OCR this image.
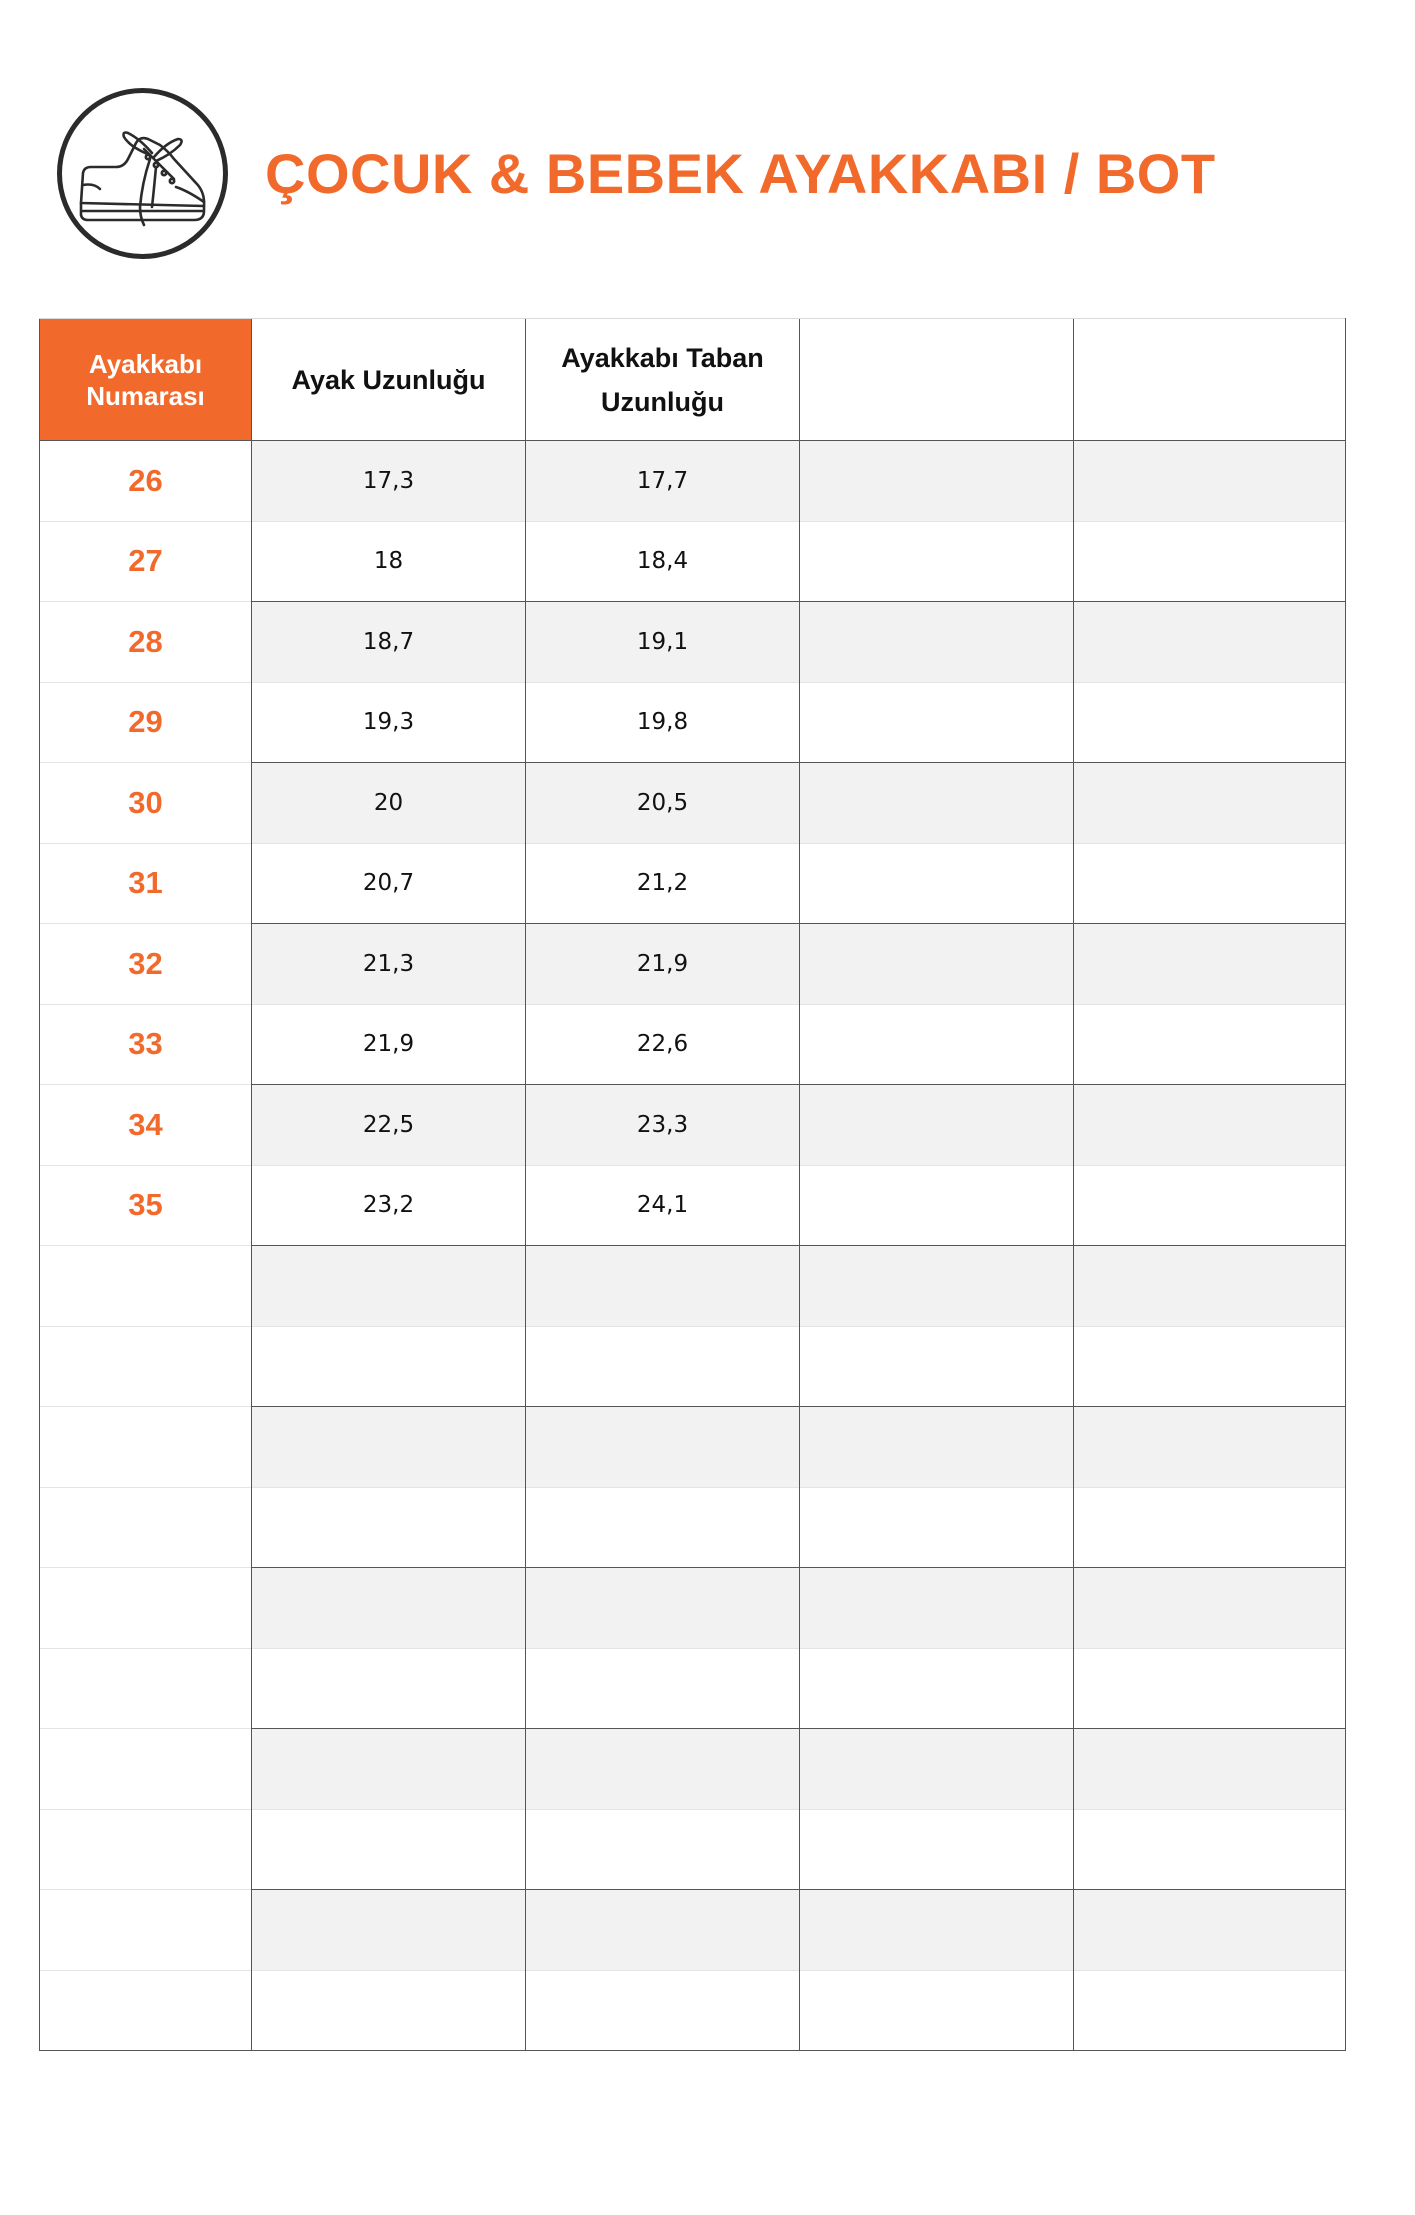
ÇOCUK & BEBEK AYAKKABI / BOT
Ayakkabı
Numarası	Ayak Uzunluğu	Ayakkabı Taban
Uzunluğu		
26	17,3	17,7		
27	18	18,4		
28	18,7	19,1		
29	19,3	19,8		
30	20	20,5		
31	20,7	21,2		
32	21,3	21,9		
33	21,9	22,6		
34	22,5	23,3		
35	23,2	24,1		
